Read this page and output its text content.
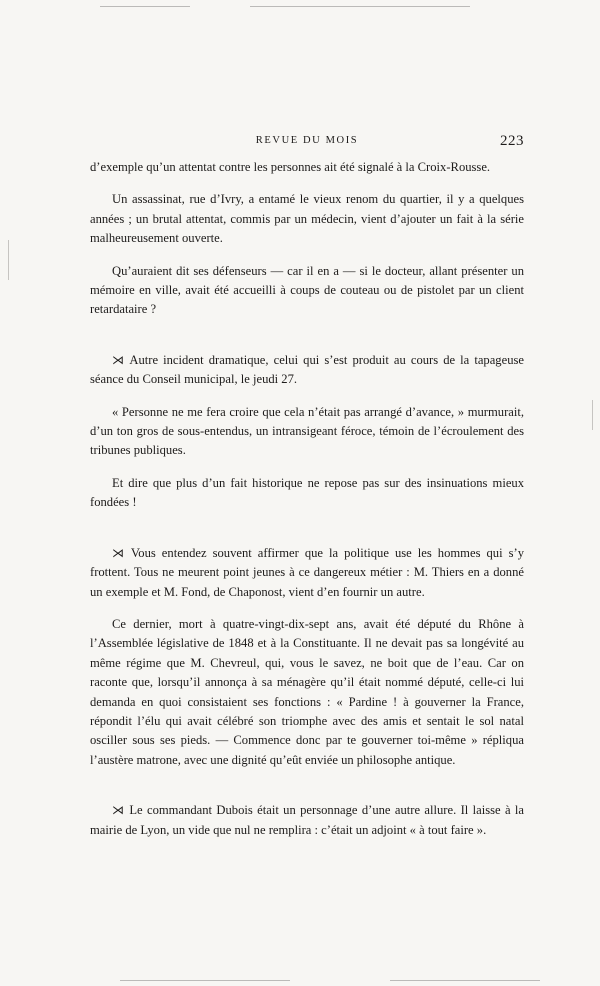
REVUE DU MOIS	223

d’exemple qu’un attentat contre les personnes ait été signalé à la Croix-Rousse.

Un assassinat, rue d’Ivry, a entamé le vieux renom du quartier, il y a quelques années ; un brutal attentat, commis par un médecin, vient d’ajouter un fait à la série malheureusement ouverte.

Qu’auraient dit ses défenseurs — car il en a — si le docteur, allant présenter un mémoire en ville, avait été accueilli à coups de couteau ou de pistolet par un client retardataire ?

⋊ Autre incident dramatique, celui qui s’est produit au cours de la tapageuse séance du Conseil municipal, le jeudi 27.

« Personne ne me fera croire que cela n’était pas arrangé d’avance, » murmurait, d’un ton gros de sous-entendus, un intransigeant féroce, témoin de l’écroulement des tribunes publiques.

Et dire que plus d’un fait historique ne repose pas sur des insinuations mieux fondées !

⋊ Vous entendez souvent affirmer que la politique use les hommes qui s’y frottent. Tous ne meurent point jeunes à ce dangereux métier : M. Thiers en a donné un exemple et M. Fond, de Chaponost, vient d’en fournir un autre.

Ce dernier, mort à quatre-vingt-dix-sept ans, avait été député du Rhône à l’Assemblée législative de 1848 et à la Constituante. Il ne devait pas sa longévité au même régime que M. Chevreul, qui, vous le savez, ne boit que de l’eau. Car on raconte que, lorsqu’il annonça à sa ménagère qu’il était nommé député, celle-ci lui demanda en quoi consistaient ses fonctions : « Pardine ! à gouverner la France, répondit l’élu qui avait célébré son triomphe avec des amis et sentait le sol natal osciller sous ses pieds. — Commence donc par te gouverner toi-même » répliqua l’austère matrone, avec une dignité qu’eût enviée un philosophe antique.

⋊ Le commandant Dubois était un personnage d’une autre allure. Il laisse à la mairie de Lyon, un vide que nul ne remplira : c’était un adjoint « à tout faire ».
